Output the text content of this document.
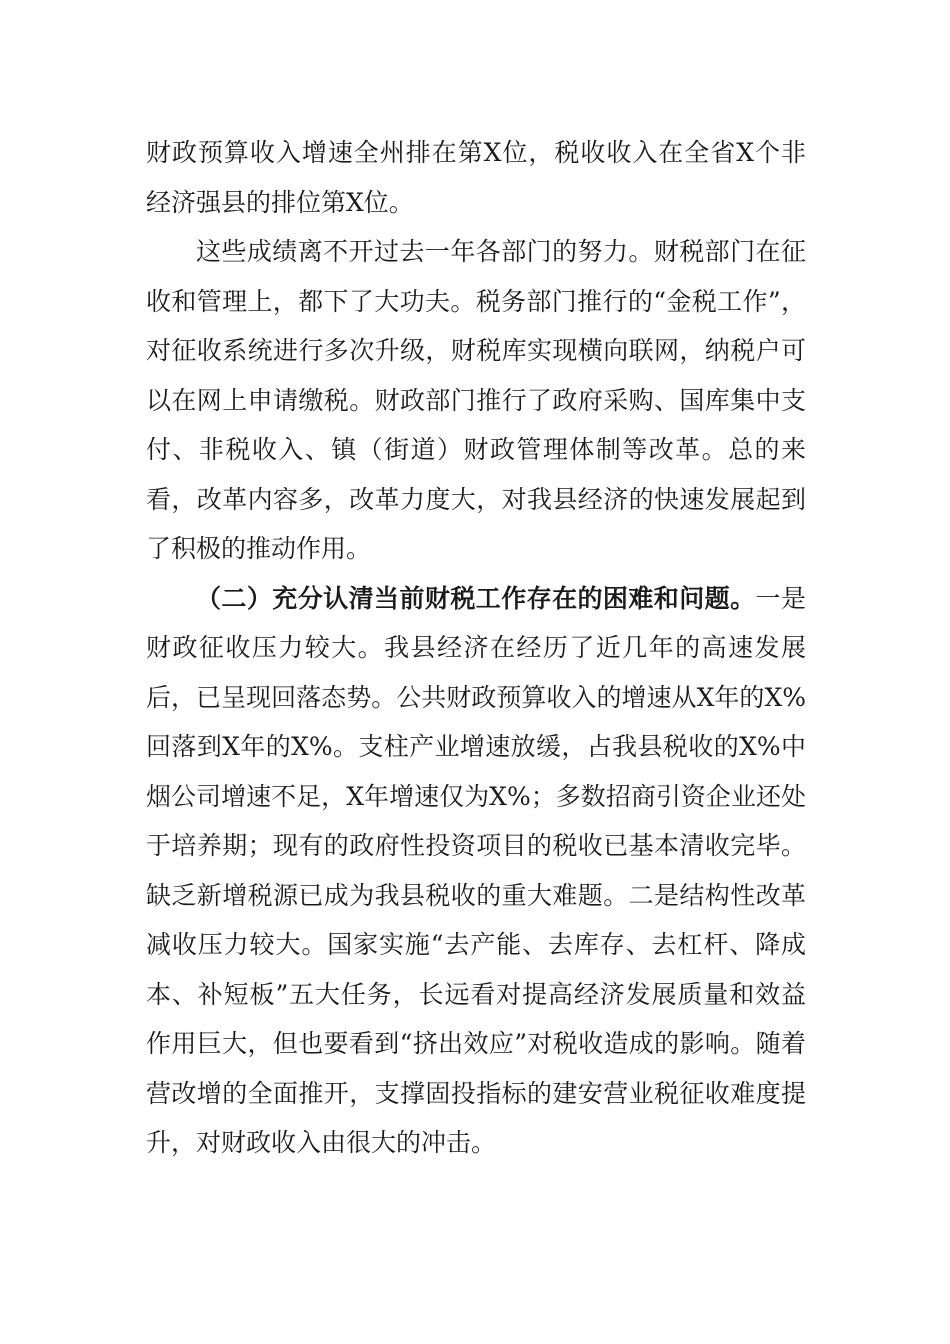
财政预算收入增速全州排在第X位，税收收入在全省X个非经济强县的排位第X位。

这些成绩离不开过去一年各部门的努力。财税部门在征收和管理上，都下了大功夫。税务部门推行的“金税工作”，对征收系统进行多次升级，财税库实现横向联网，纳税户可以在网上申请缴税。财政部门推行了政府采购、国库集中支付、非税收入、镇（街道）财政管理体制等改革。总的来看，改革内容多，改革力度大，对我县经济的快速发展起到了积极的推动作用。

（二）充分认清当前财税工作存在的困难和问题。一是财政征收压力较大。我县经济在经历了近几年的高速发展后，已呈现回落态势。公共财政预算收入的增速从X年的X%回落到X年的X%。支柱产业增速放缓，占我县税收的X%中烟公司增速不足，X年增速仅为X%；多数招商引资企业还处于培养期；现有的政府性投资项目的税收已基本清收完毕。缺乏新增税源已成为我县税收的重大难题。二是结构性改革减收压力较大。国家实施“去产能、去库存、去杠杆、降成本、补短板”五大任务，长远看对提高经济发展质量和效益作用巨大，但也要看到“挤出效应”对税收造成的影响。随着营改增的全面推开，支撑固投指标的建安营业税征收难度提升，对财政收入由很大的冲击。
